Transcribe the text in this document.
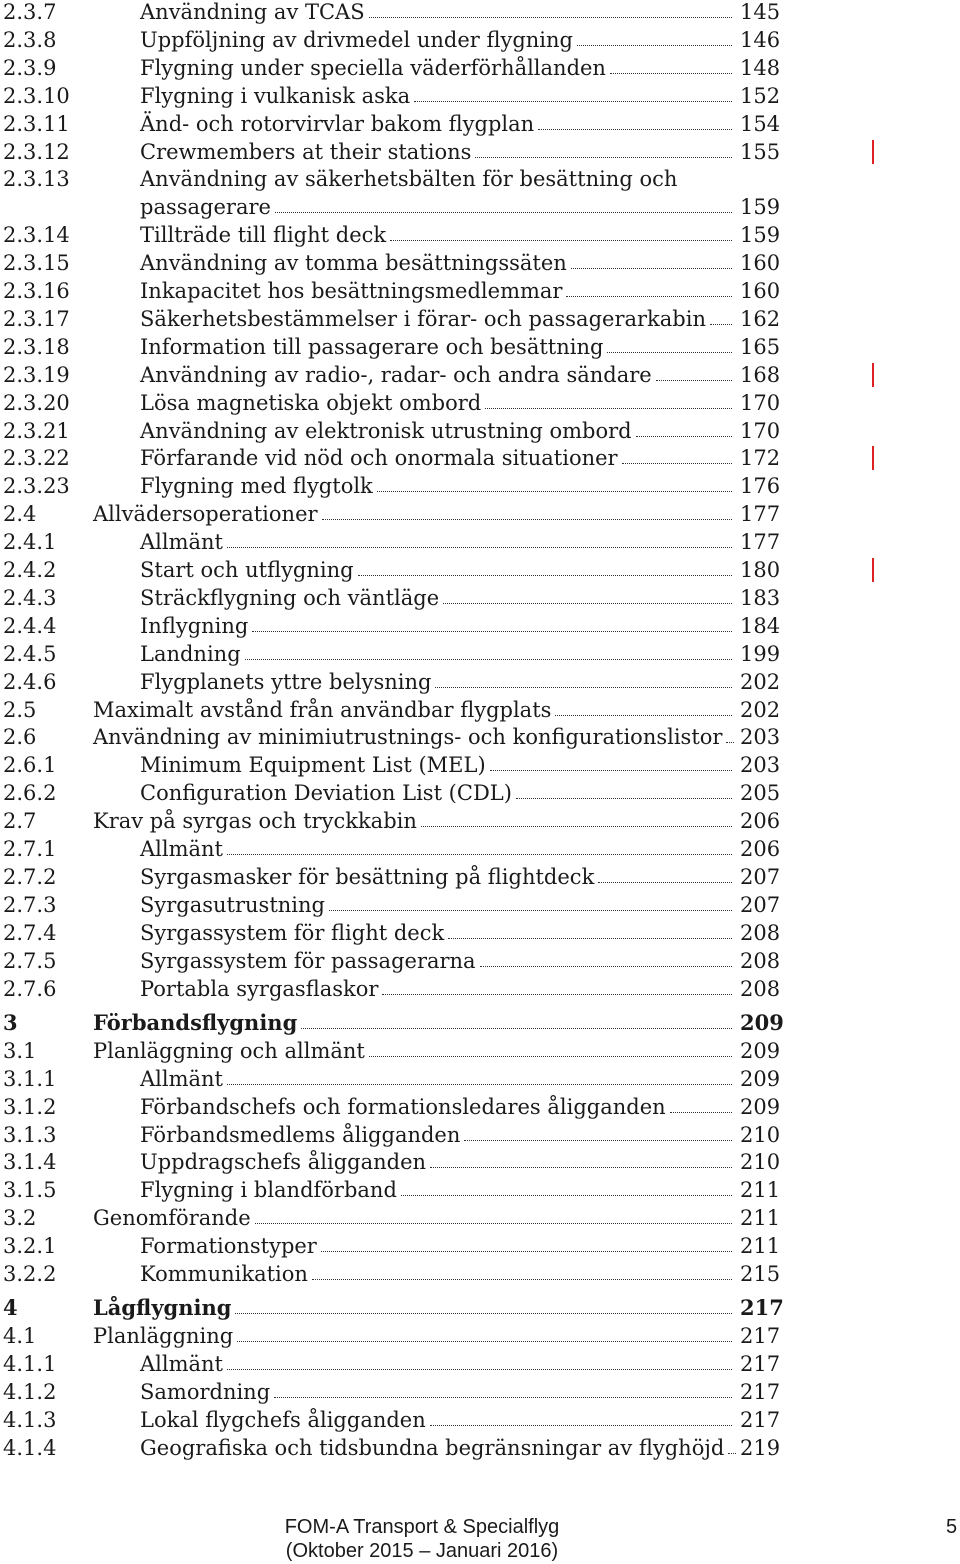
2.3.7	Användning av TCAS	145
2.3.8	Uppföljning av drivmedel under flygning	146
2.3.9	Flygning under speciella väderförhållanden	148
2.3.10	Flygning i vulkanisk aska	152
2.3.11	Änd- och rotorvirvlar bakom flygplan	154
2.3.12	Crewmembers at their stations	155
2.3.13	Användning av säkerhetsbälten för besättning och
passagerare	159
2.3.14	Tillträde till flight deck	159
2.3.15	Användning av tomma besättningssäten	160
2.3.16	Inkapacitet hos besättningsmedlemmar	160
2.3.17	Säkerhetsbestämmelser i förar- och passagerarkabin 162
2.3.18	Information till passagerare och besättning	165
2.3.19	Användning av radio-, radar- och andra sändare	168
2.3.20	Lösa magnetiska objekt ombord	170
2.3.21	Användning av elektronisk utrustning ombord	170
2.3.22	Förfarande vid nöd och onormala situationer	172
2.3.23	Flygning med flygtolk	176
2.4	Allvädersoperationer	177
2.4.1	Allmänt	177
2.4.2	Start och utflygning	180
2.4.3	Sträckflygning och väntläge	183
2.4.4	Inflygning	184
2.4.5	Landning	199
2.4.6	Flygplanets yttre belysning	202
2.5	Maximalt avstånd från användbar flygplats	202
2.6	Användning av minimiutrustnings- och konfigurationslistor 203
2.6.1	Minimum Equipment List (MEL)	203
2.6.2	Configuration Deviation List (CDL)	205
2.7	Krav på syrgas och tryckkabin	206
2.7.1	Allmänt	206
2.7.2	Syrgasmasker för besättning på flightdeck	207
2.7.3	Syrgasutrustning	207
2.7.4	Syrgassystem för flight deck	208
2.7.5	Syrgassystem för passagerarna	208
2.7.6	Portabla syrgasflaskor	208
3	Förbandsflygning	209
3.1	Planläggning och allmänt	209
3.1.1	Allmänt	209
3.1.2	Förbandschefs och formationsledares åligganden	209
3.1.3	Förbandsmedlems åligganden	210
3.1.4	Uppdragschefs åligganden	210
3.1.5	Flygning i blandförband	211
3.2	Genomförande	211
3.2.1	Formationstyper	211
3.2.2	Kommunikation	215
4	Lågflygning	217
4.1	Planläggning	217
4.1.1	Allmänt	217
4.1.2	Samordning	217
4.1.3	Lokal flygchefs åligganden	217
4.1.4	Geografiska och tidsbundna begränsningar av flyghöjd 219
FOM-A Transport & Specialflyg
(Oktober 2015 – Januari 2016)
5
